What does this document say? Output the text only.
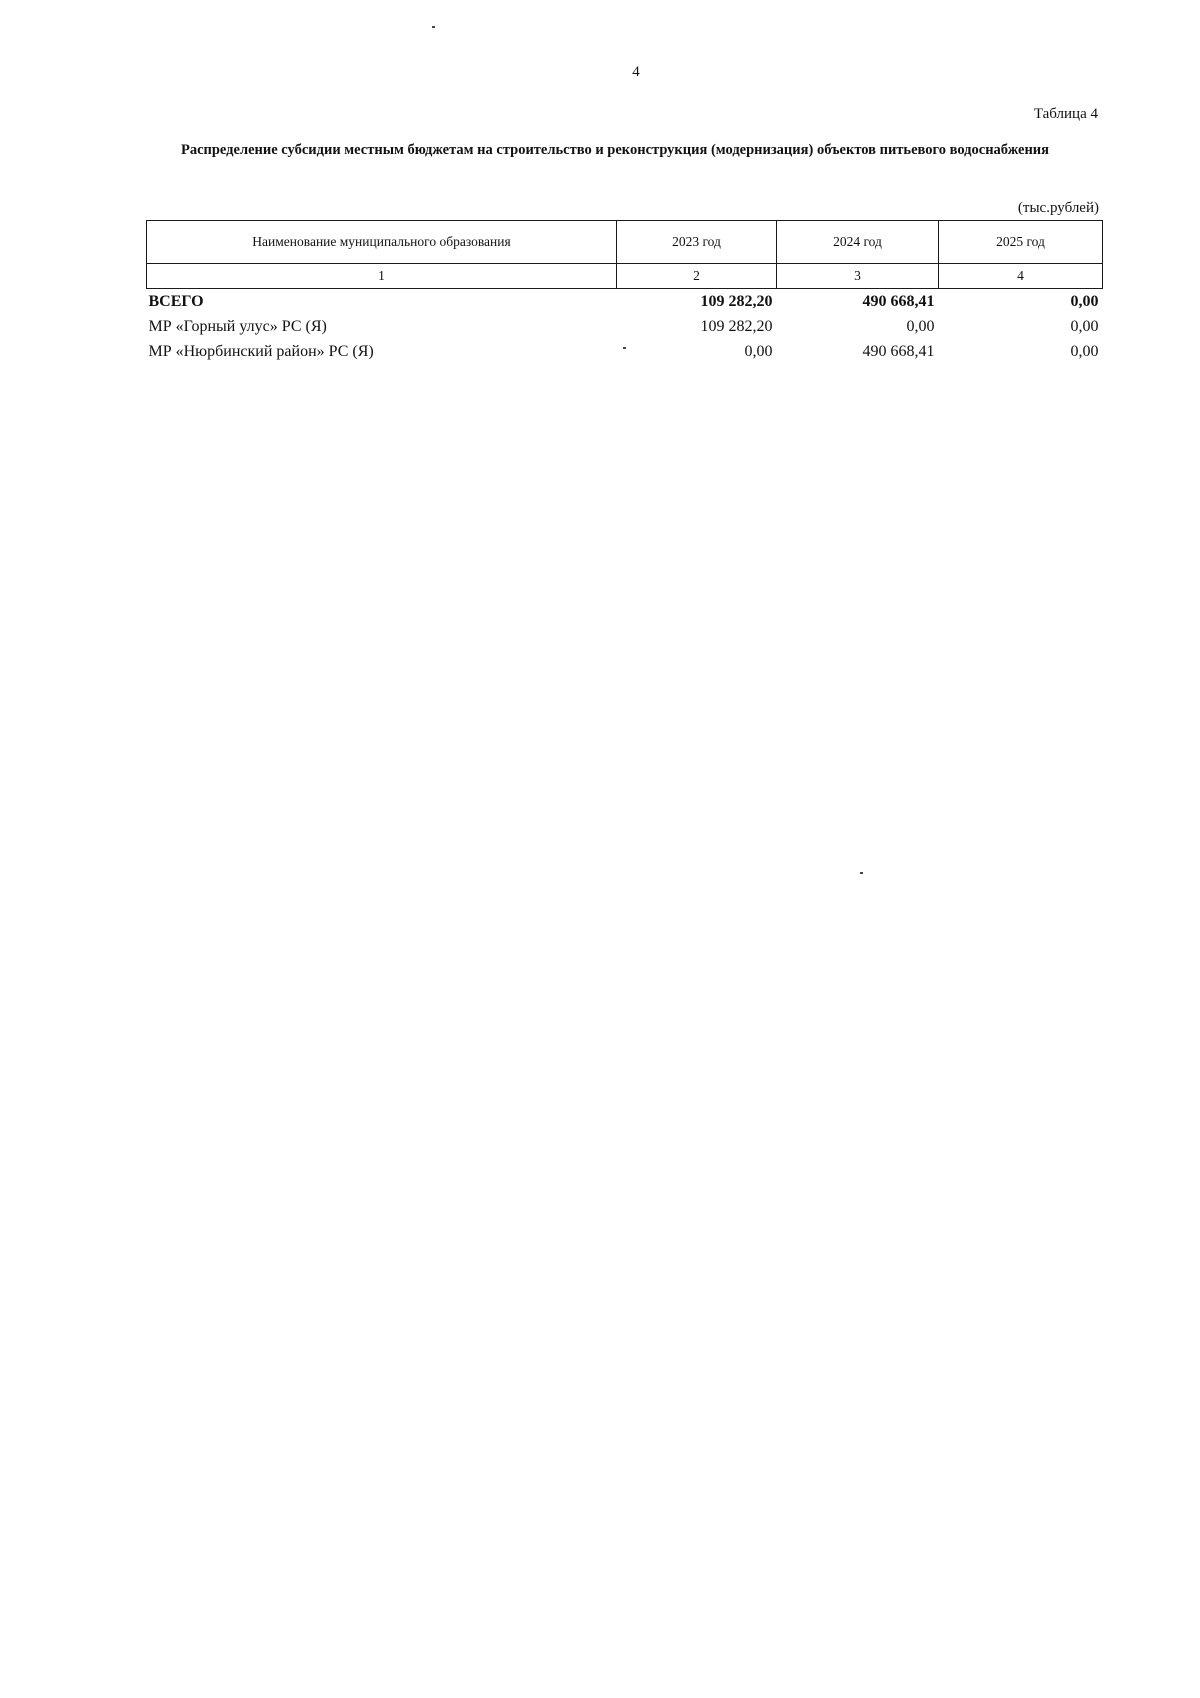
4
Таблица 4
Распределение субсидии местным бюджетам на строительство и реконструкция (модернизация) объектов питьевого водоснабжения
(тыс.рублей)
Наименование муниципального образования	2023 год	2024 год	2025 год
1	2	3	4
ВСЕГО	109 282,20	490 668,41	0,00
МР «Горный улус» РС (Я)	109 282,20	0,00	0,00
МР «Нюрбинский район» РС (Я)	0,00	490 668,41	0,00
